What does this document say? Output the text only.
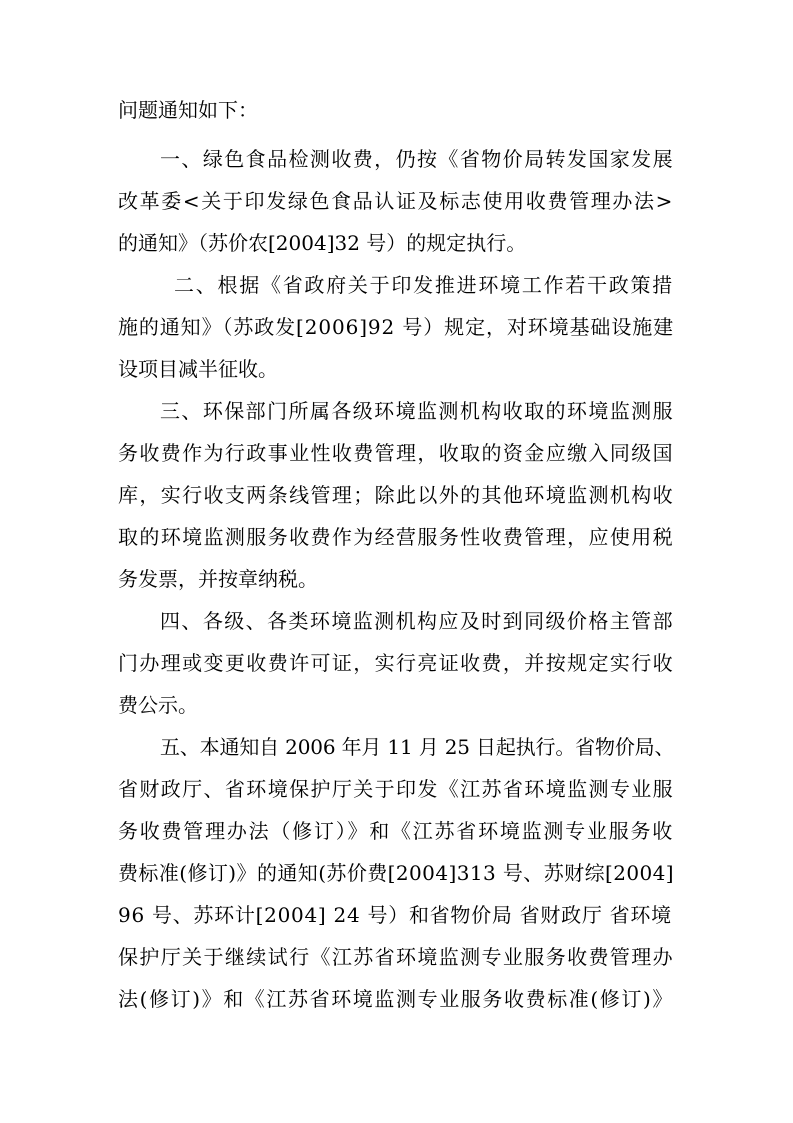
问题通知如下：
一、绿色食品检测收费，仍按《省物价局转发国家发展
改革委<关于印发绿色食品认证及标志使用收费管理办法>
的通知》（苏价农[2004]32 号）的规定执行。
二、根据《省政府关于印发推进环境工作若干政策措
施的通知》（苏政发[2006]92 号）规定，对环境基础设施建
设项目减半征收。
三、环保部门所属各级环境监测机构收取的环境监测服
务收费作为行政事业性收费管理，收取的资金应缴入同级国
库，实行收支两条线管理；除此以外的其他环境监测机构收
取的环境监测服务收费作为经营服务性收费管理，应使用税
务发票，并按章纳税。
四、各级、各类环境监测机构应及时到同级价格主管部
门办理或变更收费许可证，实行亮证收费，并按规定实行收
费公示。
五、本通知自 2006 年月 11 月 25 日起执行。省物价局、
省财政厅、省环境保护厅关于印发《江苏省环境监测专业服
务收费管理办法（修订）》和《江苏省环境监测专业服务收
费标准(修订)》的通知(苏价费[2004]313 号、苏财综[2004]
96 号、苏环计[2004] 24 号）和省物价局 省财政厅 省环境
保护厅关于继续试行《江苏省环境监测专业服务收费管理办
法(修订)》和《江苏省环境监测专业服务收费标准(修订)》
